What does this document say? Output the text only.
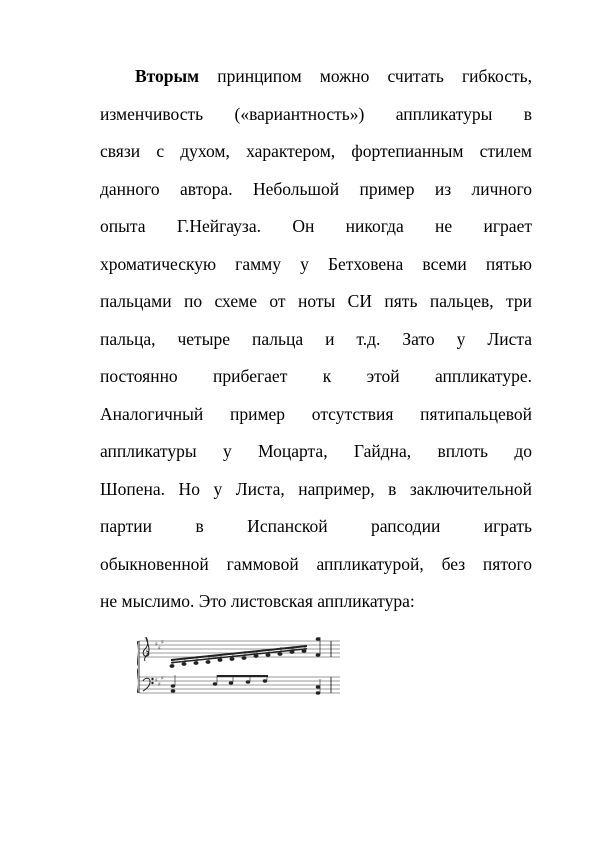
Вторым принципом можно считать гибкость,
изменчивость («вариантность») аппликатуры в
связи с духом, характером, фортепианным стилем
данного автора. Небольшой пример из личного
опыта Г.Нейгауза. Он никогда не играет
хроматическую гамму у Бетховена всеми пятью
пальцами по схеме от ноты СИ пять пальцев, три
пальца, четыре пальца и т.д. Зато у Листа
постоянно прибегает к этой аппликатуре.
Аналогичный пример отсутствия пятипальцевой
аппликатуры у Моцарта, Гайдна, вплоть до
Шопена. Но у Листа, например, в заключительной
партии в Испанской рапсодии играть
обыкновенной гаммовой аппликатурой, без пятого
не мыслимо. Это листовская аппликатура:
♯
♯
♯
♯
♯
♯
